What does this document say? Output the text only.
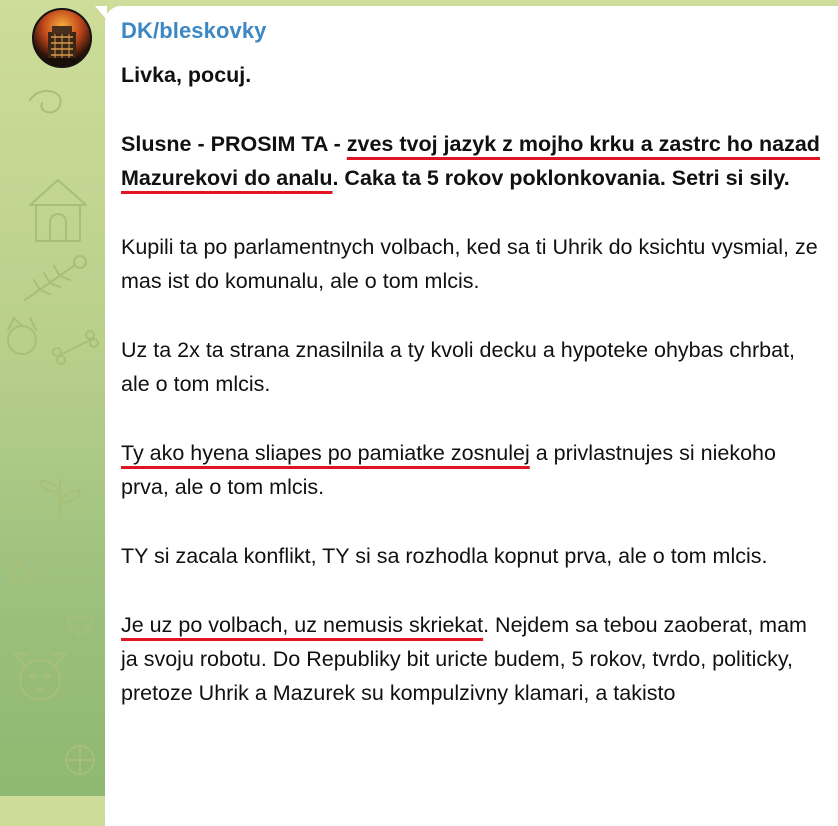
DK/bleskovky

Livka, pocuj.

Slusne - PROSIM TA - zves tvoj jazyk z mojho krku a zastrc ho nazad Mazurekovi do analu. Caka ta 5 rokov poklonkovania. Setri si sily.

Kupili ta po parlamentnych volbach, ked sa ti Uhrik do ksichtu vysmial, ze mas ist do komunalu, ale o tom mlcis.

Uz ta 2x ta strana znasilnila a ty kvoli decku a hypoteke ohybas chrbat, ale o tom mlcis.

Ty ako hyena sliapes po pamiatke zosnulej a privlastnujes si niekoho prva, ale o tom mlcis.

TY si zacala konflikt, TY si sa rozhodla kopnut prva, ale o tom mlcis.

Je uz po volbach, uz nemusis skriekat. Nejdem sa tebou zaoberat, mam ja svoju robotu. Do Republiky bit uricte budem, 5 rokov, tvrdo, politicky, pretoze Uhrik a Mazurek su kompulzivny klamari, a takisto
